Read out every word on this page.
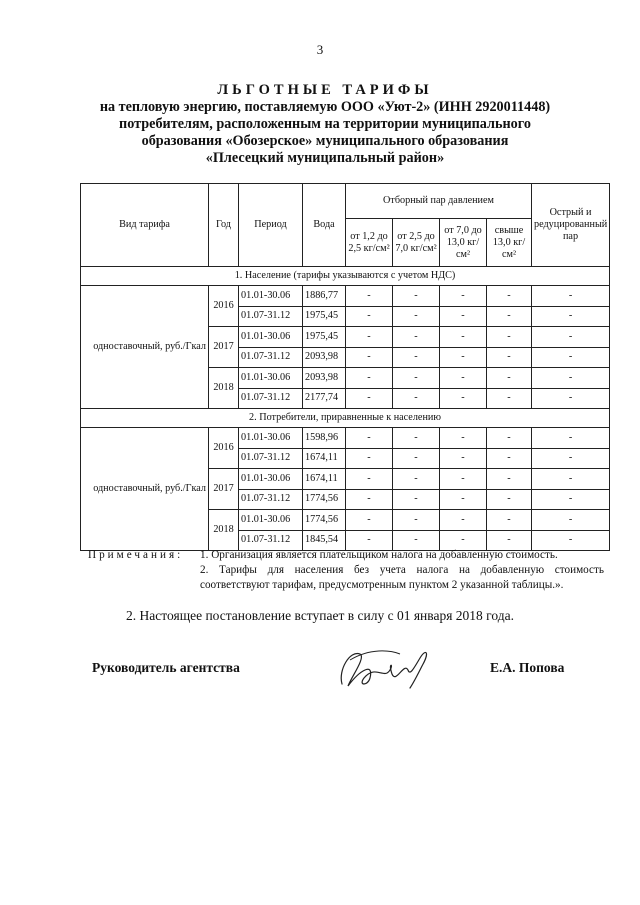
3
ЛЬГОТНЫЕ ТАРИФЫ
на тепловую энергию, поставляемую ООО «Уют-2» (ИНН 2920011448)
потребителям, расположенным на территории муниципального
образования «Обозерское» муниципального образования
«Плесецкий муниципальный район»
Вид тарифа	Год	Период	Вода	Отборный пар давлением				Острый и редуцированный пар
				от 1,2 до 2,5 кг/см²	от 2,5 до 7,0 кг/см²	от 7,0 до 13,0 кг/см²	свыше 13,0 кг/см²	
1. Население (тарифы указываются с учетом НДС)								
одноставочный, руб./Гкал	2016	01.01-30.06	1886,77	-	-	-	-	-
		01.07-31.12	1975,45	-	-	-	-	-
	2017	01.01-30.06	1975,45	-	-	-	-	-
		01.07-31.12	2093,98	-	-	-	-	-
	2018	01.01-30.06	2093,98	-	-	-	-	-
		01.07-31.12	2177,74	-	-	-	-	-
2. Потребители, приравненные к населению								
одноставочный, руб./Гкал	2016	01.01-30.06	1598,96	-	-	-	-	-
		01.07-31.12	1674,11	-	-	-	-	-
	2017	01.01-30.06	1674,11	-	-	-	-	-
		01.07-31.12	1774,56	-	-	-	-	-
	2018	01.01-30.06	1774,56	-	-	-	-	-
		01.07-31.12	1845,54	-	-	-	-	-
Примечания: 1. Организация является плательщиком налога на добавленную стоимость.
2. Тарифы для населения без учета налога на добавленную стоимость соответствуют тарифам, предусмотренным пунктом 2 указанной таблицы.».
2. Настоящее постановление вступает в силу с 01 января 2018 года.
Руководитель агентства	Е.А. Попова
